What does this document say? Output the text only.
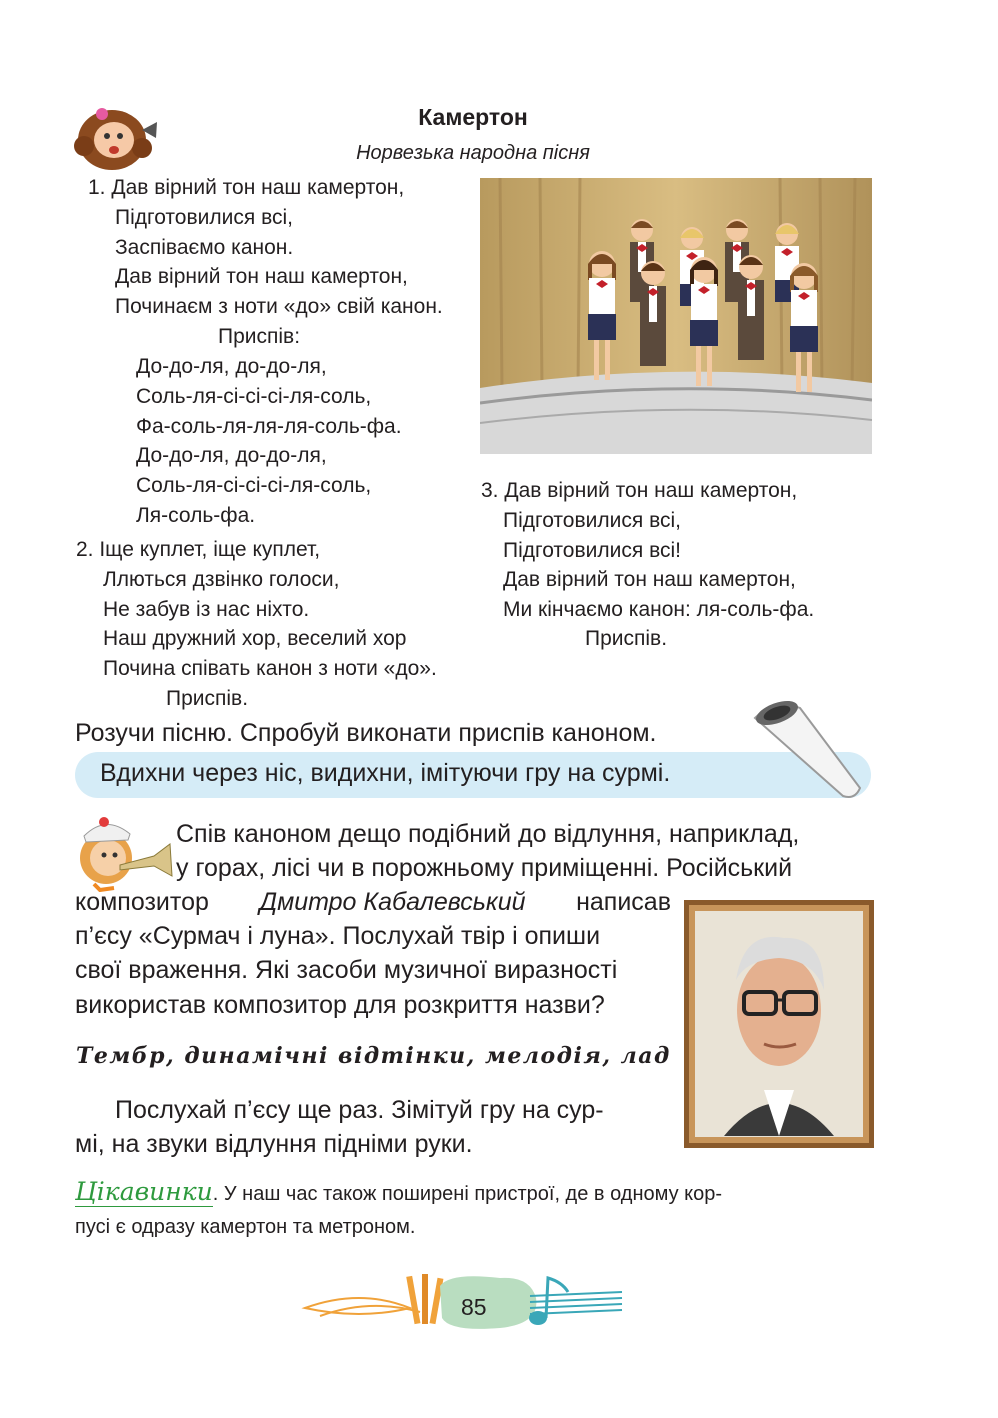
Камертон
Норвезька народна пісня
1. Дав вірний тон наш камертон,
Підготовилися всі,
Заспіваємо канон.
Дав вірний тон наш камертон,
Починаєм з ноти «до» свій канон.
Приспів:
До-до-ля, до-до-ля,
Соль-ля-сі-сі-сі-ля-соль,
Фа-соль-ля-ля-ля-соль-фа.
До-до-ля, до-до-ля,
Соль-ля-сі-сі-сі-ля-соль,
Ля-соль-фа.
2. Іще куплет, іще куплет,
Ллються дзвінко голоси,
Не забув із нас ніхто.
Наш дружний хор, веселий хор
Почина співать канон з ноти «до».
Приспів.
3. Дав вірний тон наш камертон,
Підготовилися всі,
Підготовилися всі!
Дав вірний тон наш камертон,
Ми кінчаємо канон: ля-соль-фа.
Приспів.
Розучи пісню. Спробуй виконати приспів каноном.
Вдихни через ніс, видихни, імітуючи гру на сурмі.
Спів каноном дещо подібний до відлуння, наприклад,
у горах, лісі чи в порожньому приміщенні. Російський
композитор Дмитро Кабалевський написав
п’єсу «Сурмач і луна». Послухай твір і опиши
свої враження. Які засоби музичної виразності
використав композитор для розкриття назви?
Тембр, динамічні відтінки, мелодія, лад
Послухай п’єсу ще раз. Зімітуй гру на сур-
мі, на звуки відлуння підніми руки.
Цікавинки. У наш час також поширені пристрої, де в одному кор-
пусі є одразу камертон та метроном.
85
